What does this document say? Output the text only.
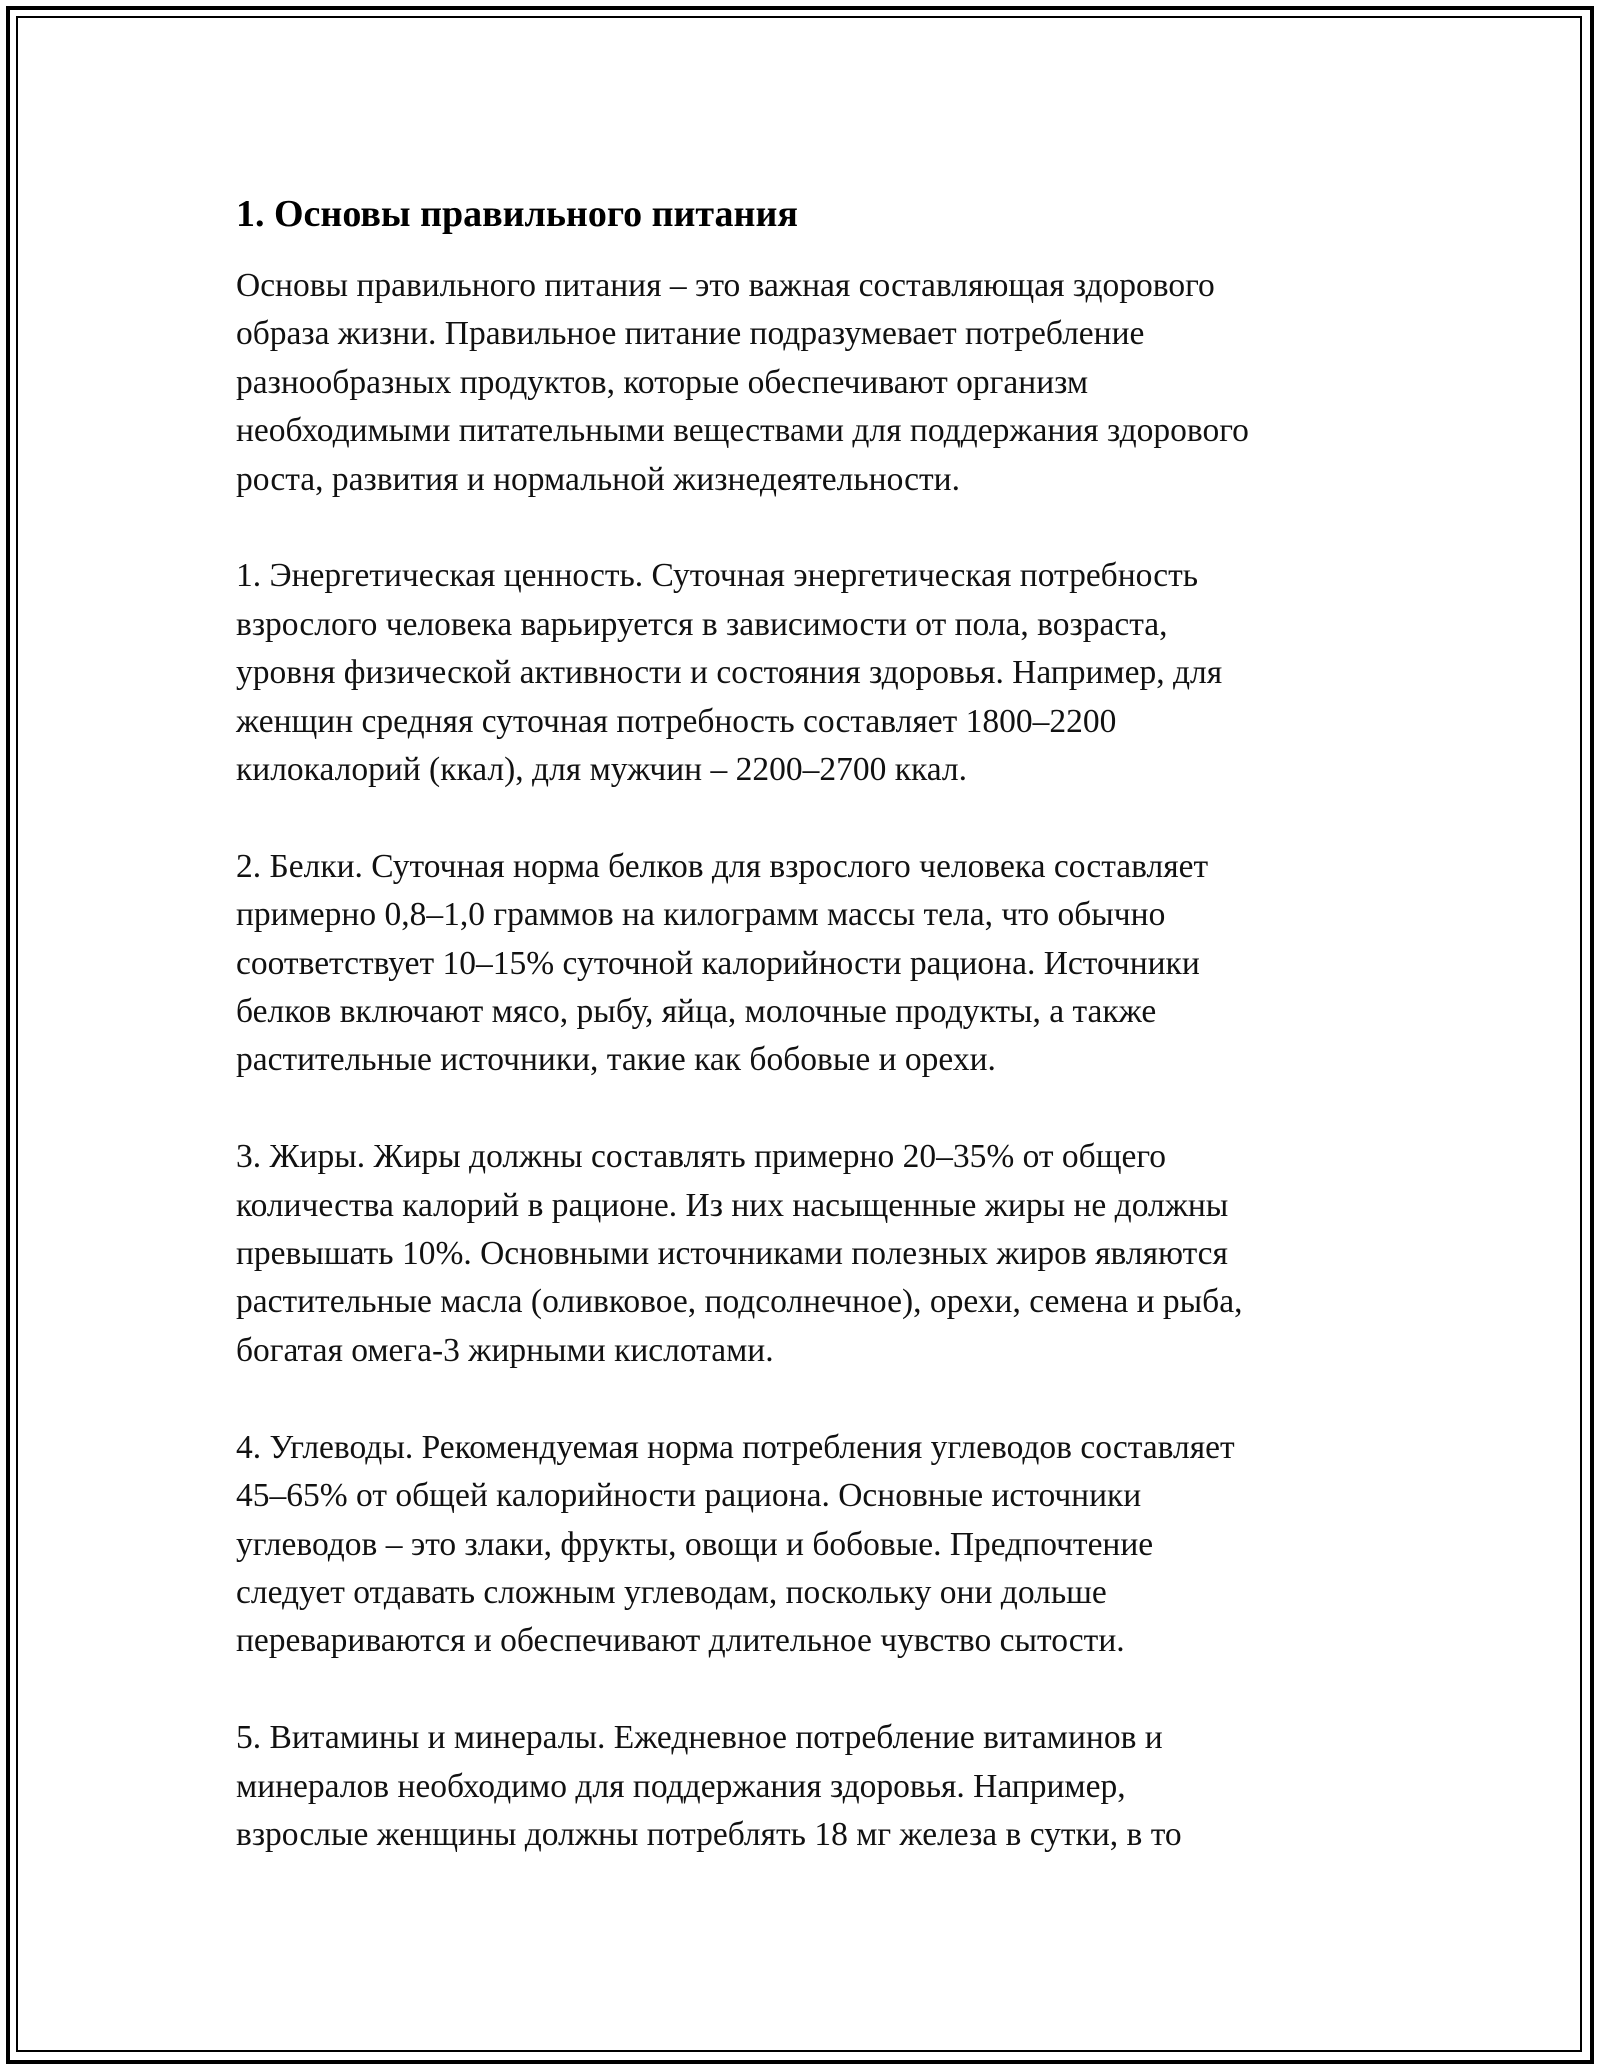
1. Основы правильного питания

Основы правильного питания – это важная составляющая здорового
образа жизни. Правильное питание подразумевает потребление
разнообразных продуктов, которые обеспечивают организм
необходимыми питательными веществами для поддержания здорового
роста, развития и нормальной жизнедеятельности.

1. Энергетическая ценность. Суточная энергетическая потребность
взрослого человека варьируется в зависимости от пола, возраста,
уровня физической активности и состояния здоровья. Например, для
женщин средняя суточная потребность составляет 1800–2200
килокалорий (ккал), для мужчин – 2200–2700 ккал.

2. Белки. Суточная норма белков для взрослого человека составляет
примерно 0,8–1,0 граммов на килограмм массы тела, что обычно
соответствует 10–15% суточной калорийности рациона. Источники
белков включают мясо, рыбу, яйца, молочные продукты, а также
растительные источники, такие как бобовые и орехи.

3. Жиры. Жиры должны составлять примерно 20–35% от общего
количества калорий в рационе. Из них насыщенные жиры не должны
превышать 10%. Основными источниками полезных жиров являются
растительные масла (оливковое, подсолнечное), орехи, семена и рыба,
богатая омега-3 жирными кислотами.

4. Углеводы. Рекомендуемая норма потребления углеводов составляет
45–65% от общей калорийности рациона. Основные источники
углеводов – это злаки, фрукты, овощи и бобовые. Предпочтение
следует отдавать сложным углеводам, поскольку они дольше
перевариваются и обеспечивают длительное чувство сытости.

5. Витамины и минералы. Ежедневное потребление витаминов и
минералов необходимо для поддержания здоровья. Например,
взрослые женщины должны потреблять 18 мг железа в сутки, в то
